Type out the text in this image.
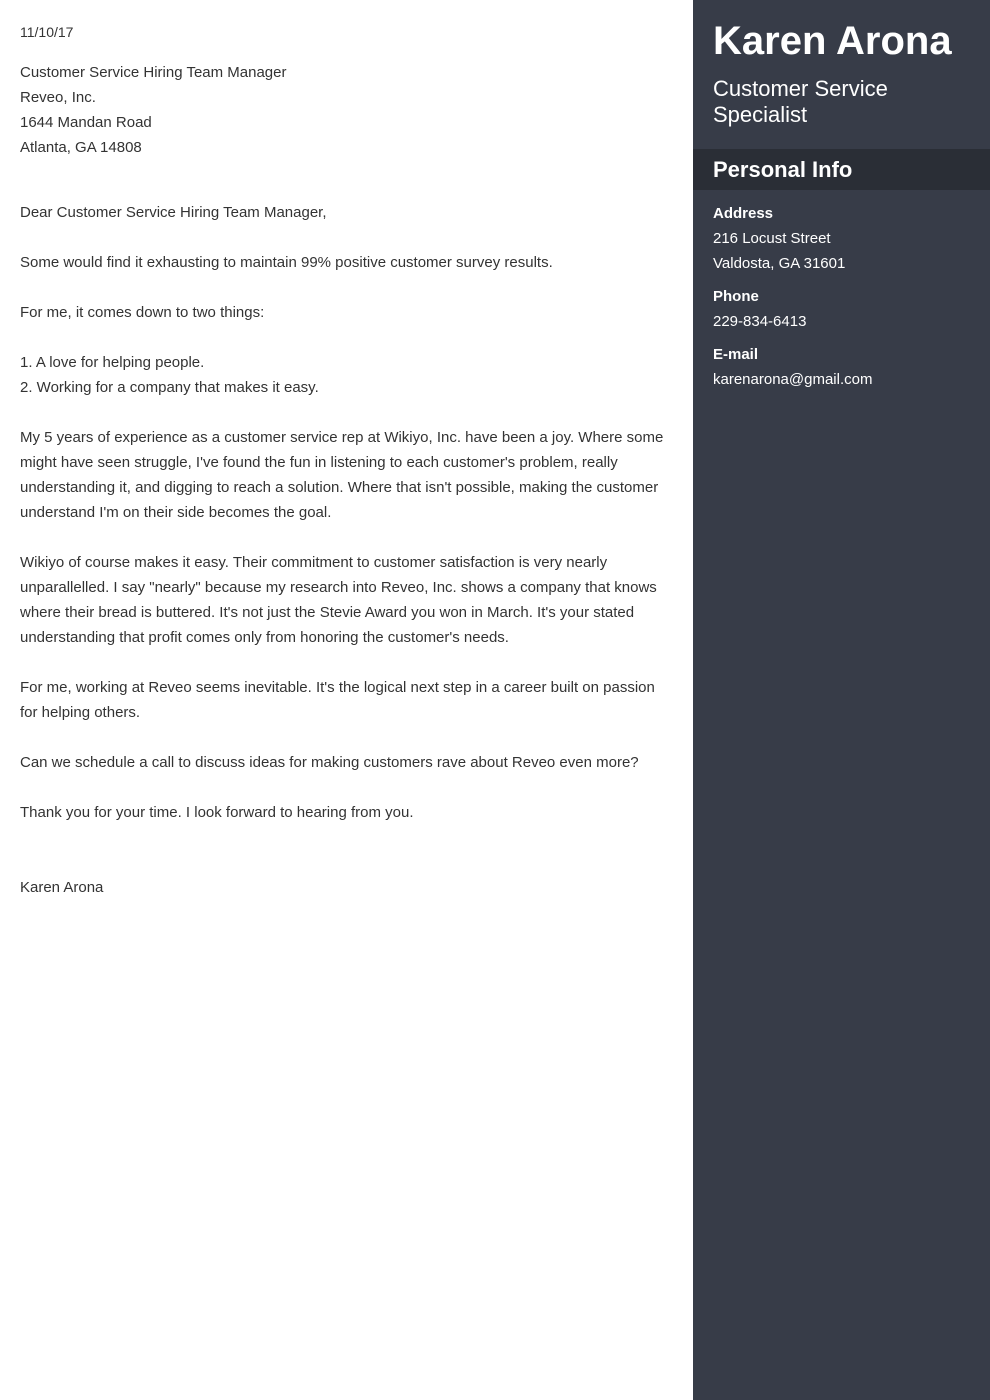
11/10/17
Customer Service Hiring Team Manager
Reveo, Inc.
1644 Mandan Road
Atlanta, GA 14808
Dear Customer Service Hiring Team Manager,
Some would find it exhausting to maintain 99% positive customer survey results.
For me, it comes down to two things:
1. A love for helping people.
2. Working for a company that makes it easy.
My 5 years of experience as a customer service rep at Wikiyo, Inc. have been a joy. Where some might have seen struggle, I've found the fun in listening to each customer's problem, really understanding it, and digging to reach a solution. Where that isn't possible, making the customer understand I'm on their side becomes the goal.
Wikiyo of course makes it easy. Their commitment to customer satisfaction is very nearly unparallelled. I say "nearly" because my research into Reveo, Inc. shows a company that knows where their bread is buttered. It's not just the Stevie Award you won in March. It's your stated understanding that profit comes only from honoring the customer's needs.
For me, working at Reveo seems inevitable. It's the logical next step in a career built on passion for helping others.
Can we schedule a call to discuss ideas for making customers rave about Reveo even more?
Thank you for your time. I look forward to hearing from you.
Karen Arona
Karen Arona
Customer Service Specialist
Personal Info
Address
216 Locust Street
Valdosta, GA 31601
Phone
229-834-6413
E-mail
karenarona@gmail.com
